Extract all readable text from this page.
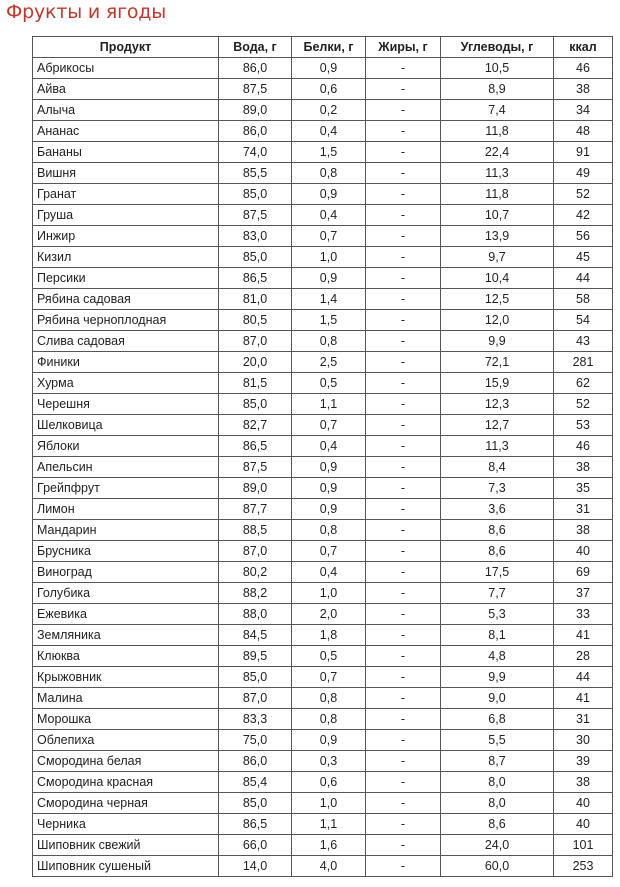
Фрукты и ягоды
Продукт	Вода, г	Белки, г	Жиры, г	Углеводы, г	ккал
Абрикосы	86,0	0,9	-	10,5	46
Айва	87,5	0,6	-	8,9	38
Алыча	89,0	0,2	-	7,4	34
Ананас	86,0	0,4	-	11,8	48
Бананы	74,0	1,5	-	22,4	91
Вишня	85,5	0,8	-	11,3	49
Гранат	85,0	0,9	-	11,8	52
Груша	87,5	0,4	-	10,7	42
Инжир	83,0	0,7	-	13,9	56
Кизил	85,0	1,0	-	9,7	45
Персики	86,5	0,9	-	10,4	44
Рябина садовая	81,0	1,4	-	12,5	58
Рябина черноплодная	80,5	1,5	-	12,0	54
Слива садовая	87,0	0,8	-	9,9	43
Финики	20,0	2,5	-	72,1	281
Хурма	81,5	0,5	-	15,9	62
Черешня	85,0	1,1	-	12,3	52
Шелковица	82,7	0,7	-	12,7	53
Яблоки	86,5	0,4	-	11,3	46
Апельсин	87,5	0,9	-	8,4	38
Грейпфрут	89,0	0,9	-	7,3	35
Лимон	87,7	0,9	-	3,6	31
Мандарин	88,5	0,8	-	8,6	38
Брусника	87,0	0,7	-	8,6	40
Виноград	80,2	0,4	-	17,5	69
Голубика	88,2	1,0	-	7,7	37
Ежевика	88,0	2,0	-	5,3	33
Земляника	84,5	1,8	-	8,1	41
Клюква	89,5	0,5	-	4,8	28
Крыжовник	85,0	0,7	-	9,9	44
Малина	87,0	0,8	-	9,0	41
Морошка	83,3	0,8	-	6,8	31
Облепиха	75,0	0,9	-	5,5	30
Смородина белая	86,0	0,3	-	8,7	39
Смородина красная	85,4	0,6	-	8,0	38
Смородина черная	85,0	1,0	-	8,0	40
Черника	86,5	1,1	-	8,6	40
Шиповник свежий	66,0	1,6	-	24,0	101
Шиповник сушеный	14,0	4,0	-	60,0	253
